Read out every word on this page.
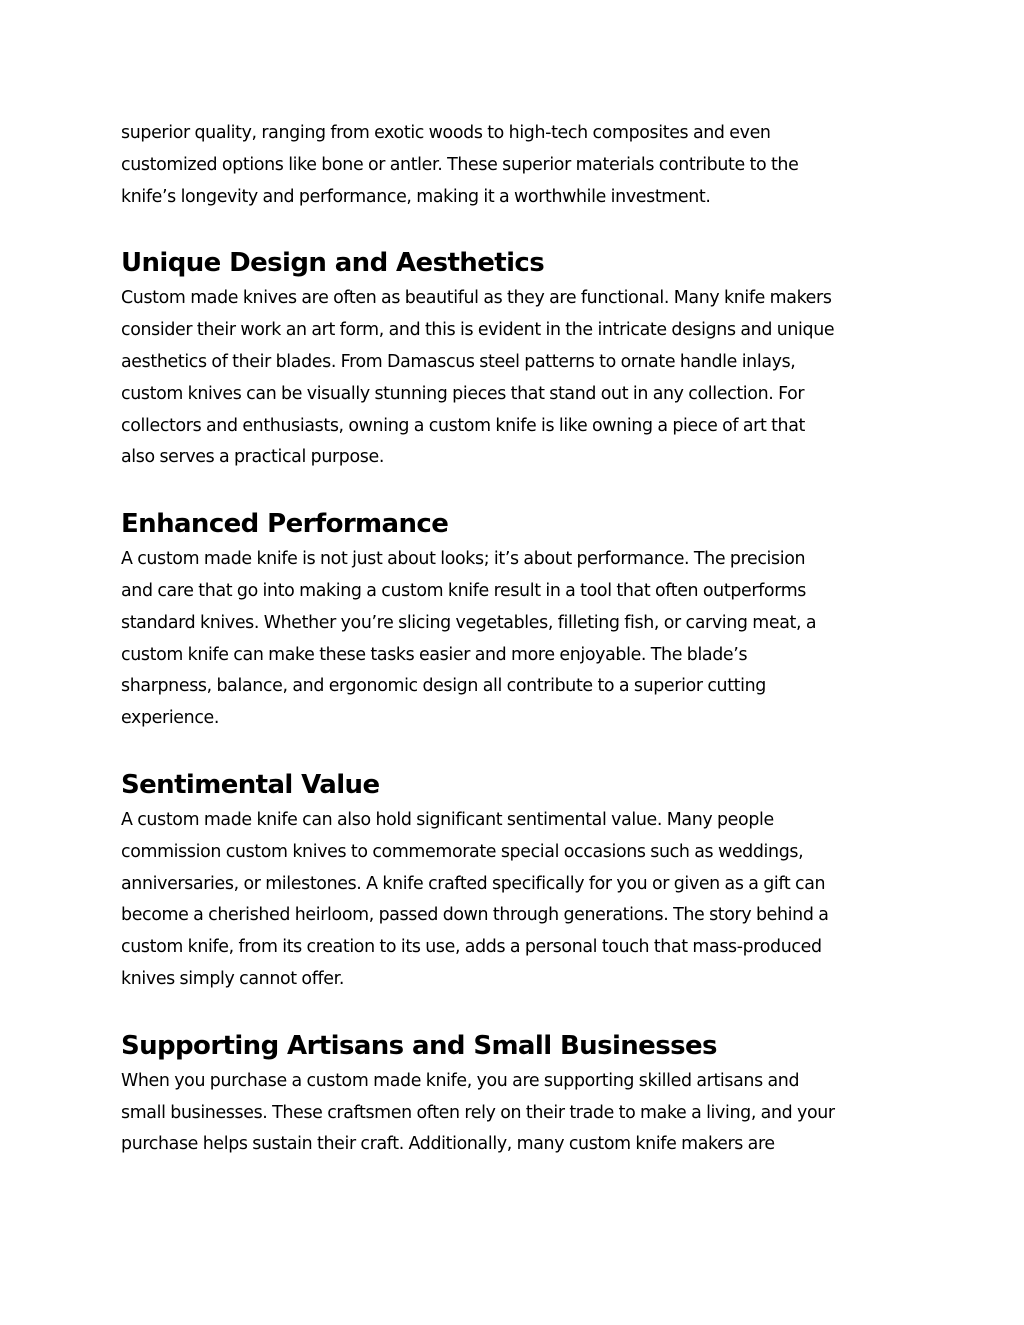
superior quality, ranging from exotic woods to high-tech composites and even
customized options like bone or antler. These superior materials contribute to the
knife’s longevity and performance, making it a worthwhile investment.

Unique Design and Aesthetics

Custom made knives are often as beautiful as they are functional. Many knife makers
consider their work an art form, and this is evident in the intricate designs and unique
aesthetics of their blades. From Damascus steel patterns to ornate handle inlays,
custom knives can be visually stunning pieces that stand out in any collection. For
collectors and enthusiasts, owning a custom knife is like owning a piece of art that
also serves a practical purpose.

Enhanced Performance

A custom made knife is not just about looks; it’s about performance. The precision
and care that go into making a custom knife result in a tool that often outperforms
standard knives. Whether you’re slicing vegetables, filleting fish, or carving meat, a
custom knife can make these tasks easier and more enjoyable. The blade’s
sharpness, balance, and ergonomic design all contribute to a superior cutting
experience.

Sentimental Value

A custom made knife can also hold significant sentimental value. Many people
commission custom knives to commemorate special occasions such as weddings,
anniversaries, or milestones. A knife crafted specifically for you or given as a gift can
become a cherished heirloom, passed down through generations. The story behind a
custom knife, from its creation to its use, adds a personal touch that mass-produced
knives simply cannot offer.

Supporting Artisans and Small Businesses

When you purchase a custom made knife, you are supporting skilled artisans and
small businesses. These craftsmen often rely on their trade to make a living, and your
purchase helps sustain their craft. Additionally, many custom knife makers are
